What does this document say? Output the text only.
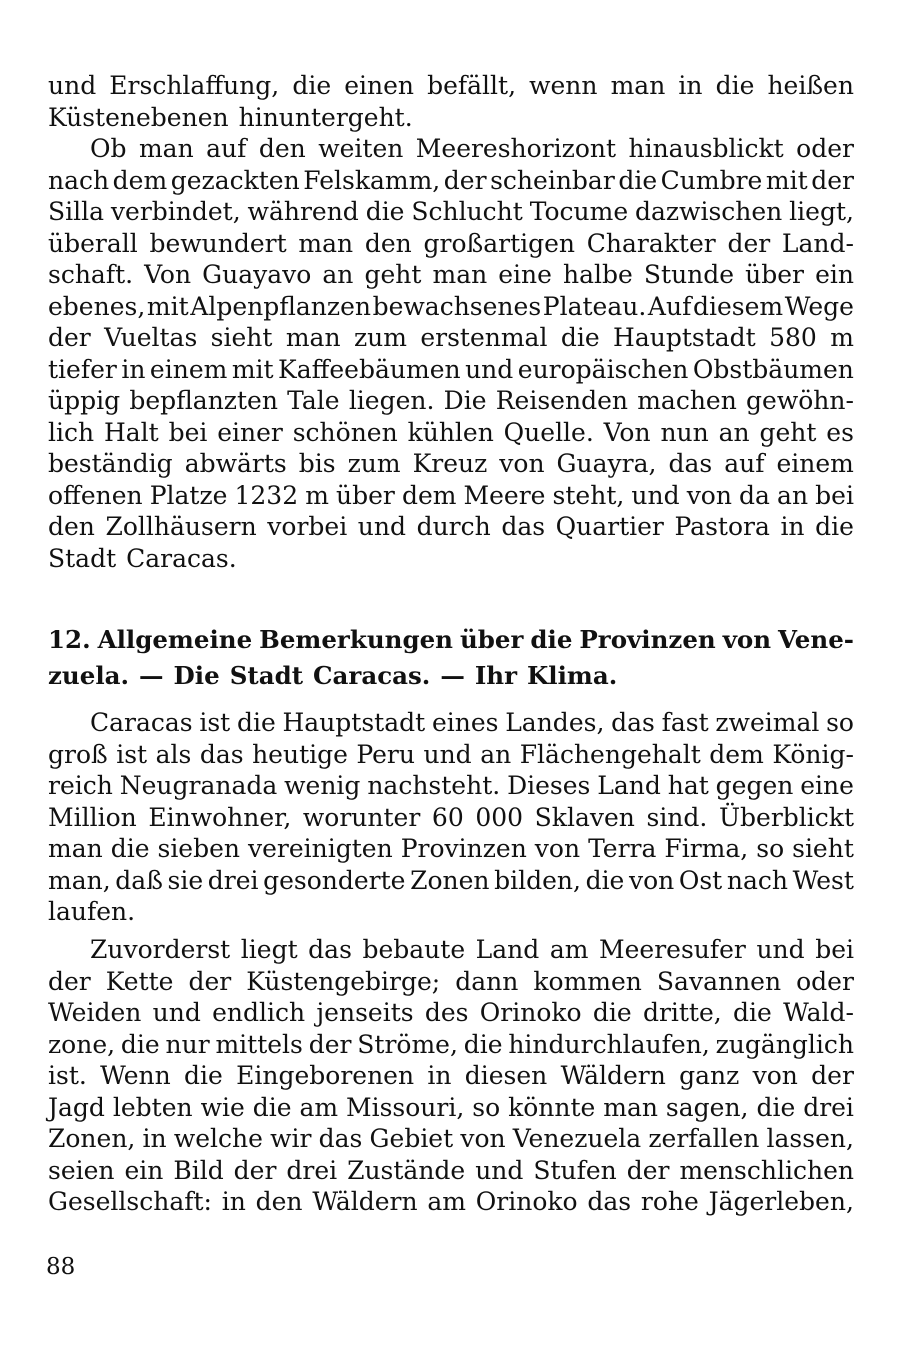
und Erschlaffung, die einen befällt, wenn man in die heißen
Küstenebenen hinuntergeht.
Ob man auf den weiten Meereshorizont hinausblickt oder
nach dem gezackten Felskamm, der scheinbar die Cumbre mit der
Silla verbindet, während die Schlucht Tocume dazwischen liegt,
überall bewundert man den großartigen Charakter der Land-
schaft. Von Guayavo an geht man eine halbe Stunde über ein
ebenes, mit Alpenpflanzen bewachsenes Plateau. Auf diesem Wege
der Vueltas sieht man zum erstenmal die Hauptstadt 580 m
tiefer in einem mit Kaffeebäumen und europäischen Obstbäumen
üppig bepflanzten Tale liegen. Die Reisenden machen gewöhn-
lich Halt bei einer schönen kühlen Quelle. Von nun an geht es
beständig abwärts bis zum Kreuz von Guayra, das auf einem
offenen Platze 1232 m über dem Meere steht, und von da an bei
den Zollhäusern vorbei und durch das Quartier Pastora in die
Stadt Caracas.
12. Allgemeine Bemerkungen über die Provinzen von Vene-
zuela. — Die Stadt Caracas. — Ihr Klima.
Caracas ist die Hauptstadt eines Landes, das fast zweimal so
groß ist als das heutige Peru und an Flächengehalt dem König-
reich Neugranada wenig nachsteht. Dieses Land hat gegen eine
Million Einwohner, worunter 60 000 Sklaven sind. Überblickt
man die sieben vereinigten Provinzen von Terra Firma, so sieht
man, daß sie drei gesonderte Zonen bilden, die von Ost nach West
laufen.
Zuvorderst liegt das bebaute Land am Meeresufer und bei
der Kette der Küstengebirge; dann kommen Savannen oder
Weiden und endlich jenseits des Orinoko die dritte, die Wald-
zone, die nur mittels der Ströme, die hindurchlaufen, zugänglich
ist. Wenn die Eingeborenen in diesen Wäldern ganz von der
Jagd lebten wie die am Missouri, so könnte man sagen, die drei
Zonen, in welche wir das Gebiet von Venezuela zerfallen lassen,
seien ein Bild der drei Zustände und Stufen der menschlichen
Gesellschaft: in den Wäldern am Orinoko das rohe Jägerleben,
88
